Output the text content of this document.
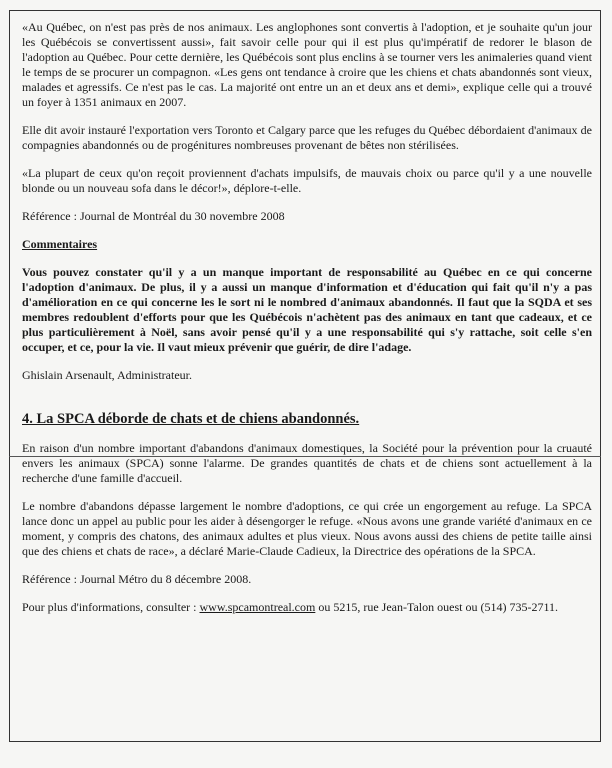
«Au Québec, on n'est pas près de nos animaux. Les anglophones sont convertis à l'adoption, et je souhaite qu'un jour les Québécois se convertissent aussi», fait savoir celle pour qui il est plus qu'impératif de redorer le blason de l'adoption au Québec. Pour cette dernière, les Québécois sont plus enclins à se tourner vers les animaleries quand vient le temps de se procurer un compagnon. «Les gens ont tendance à croire que les chiens et chats abandonnés sont vieux, malades et agressifs. Ce n'est pas le cas. La majorité ont entre un an et deux ans et demi», explique celle qui a trouvé un foyer à 1351 animaux en 2007.

Elle dit avoir instauré l'exportation vers Toronto et Calgary parce que les refuges du Québec débordaient d'animaux de compagnies abandonnés ou de progénitures nombreuses provenant de bêtes non stérilisées.

«La plupart de ceux qu'on reçoit proviennent d'achats impulsifs, de mauvais choix ou parce qu'il y a une nouvelle blonde ou un nouveau sofa dans le décor!», déplore-t-elle.

Référence : Journal de Montréal du 30 novembre 2008

Commentaires

Vous pouvez constater qu'il y a un manque important de responsabilité au Québec en ce qui concerne l'adoption d'animaux. De plus, il y a aussi un manque d'information et d'éducation qui fait qu'il n'y a pas d'amélioration en ce qui concerne les le sort ni le nombred d'animaux abandonnés. Il faut que la SQDA et ses membres redoublent d'efforts pour que les Québécois n'achètent pas des animaux en tant que cadeaux, et ce plus particulièrement à Noël, sans avoir pensé qu'il y a une responsabilité qui s'y rattache, soit celle s'en occuper, et ce, pour la vie. Il vaut mieux prévenir que guérir, de dire l'adage.

Ghislain Arsenault, Administrateur.

4. La SPCA déborde de chats et de chiens abandonnés.

En raison d'un nombre important d'abandons d'animaux domestiques, la Société pour la prévention pour la cruauté envers les animaux (SPCA) sonne l'alarme. De grandes quantités de chats et de chiens sont actuellement à la recherche d'une famille d'accueil.

Le nombre d'abandons dépasse largement le nombre d'adoptions, ce qui crée un engorgement au refuge. La SPCA lance donc un appel au public pour les aider à désengorger le refuge. «Nous avons une grande variété d'animaux en ce moment, y compris des chatons, des animaux adultes et plus vieux. Nous avons aussi des chiens de petite taille ainsi que des chiens et chats de race», a déclaré Marie-Claude Cadieux, la Directrice des opérations de la SPCA.

Référence : Journal Métro du 8 décembre 2008.

Pour plus d'informations, consulter : www.spcamontreal.com ou 5215, rue Jean-Talon ouest ou (514) 735-2711.
